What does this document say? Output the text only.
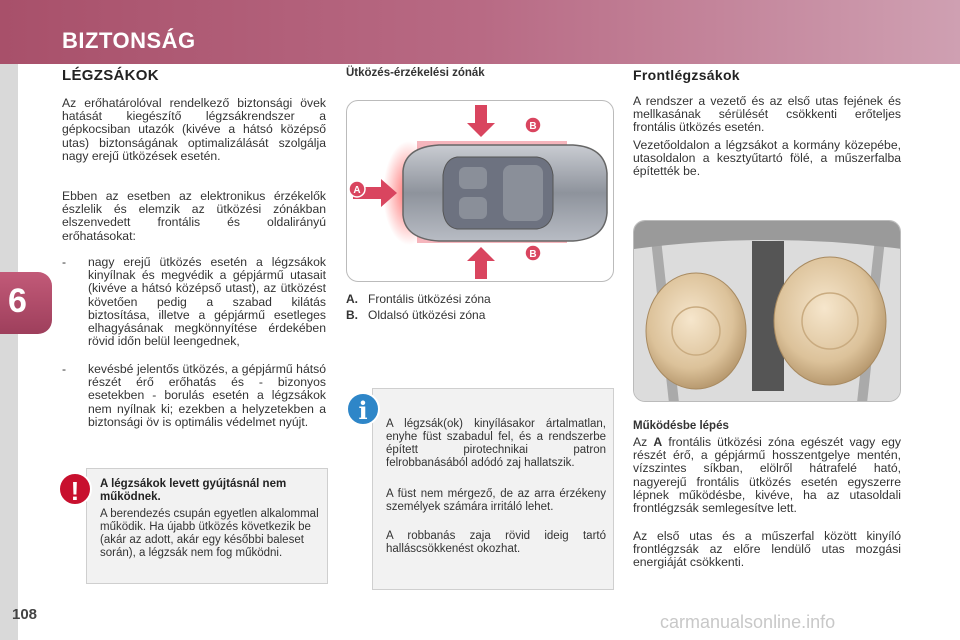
BIZTONSÁG
6
108
LÉGZSÁKOK
Az erőhatárolóval rendelkező biztonsági övek hatását kiegészítő légzsákrendszer a gépkocsiban utazók (kivéve a hátsó középső utas) biztonságának optimalizálását szolgálja nagy erejű ütközések esetén.
Ebben az esetben az elektronikus érzékelők észlelik és elemzik az ütközési zónákban elszenvedett frontális és oldalirányú erőhatásokat:
- nagy erejű ütközés esetén a légzsákok kinyílnak és megvédik a gépjármű utasait (kivéve a hátsó középső utast), az ütközést követően pedig a szabad kilátás biztosítása, illetve a gépjármű esetleges elhagyásának megkönnyítése érdekében rövid időn belül leengednek,
- kevésbé jelentős ütközés, a gépjármű hátsó részét érő erőhatás és - bizonyos esetekben - borulás esetén a légzsákok nem nyílnak ki; ezekben a helyzetekben a biztonsági öv is optimális védelmet nyújt.
!	A légzsákok levett gyújtásnál nem működnek.
A berendezés csupán egyetlen alkalommal működik. Ha újabb ütközés következik be (akár az adott, akár egy későbbi baleset során), a légzsák nem fog működni.
Ütközés-érzékelési zónák
A
B
B
A. Frontális ütközési zóna
B. Oldalsó ütközési zóna
i	A légzsák(ok) kinyílásakor ártalmatlan, enyhe füst szabadul fel, és a rendszerbe épített pirotechnikai patron felrobbanásából adódó zaj hallatszik.
A füst nem mérgező, de az arra érzékeny személyek számára irritáló lehet.
A robbanás zaja rövid ideig tartó halláscsökkenést okozhat.
Frontlégzsákok
A rendszer a vezető és az első utas fejének és mellkasának sérülését csökkenti erőteljes frontális ütközés esetén.
Vezetőoldalon a légzsákot a kormány közepébe, utasoldalon a kesztyűtartó fölé, a műszerfalba építették be.
Működésbe lépés
Az A frontális ütközési zóna egészét vagy egy részét érő, a gépjármű hosszentgelye mentén, vízszintes síkban, elölről hátrafelé ható, nagyerejű frontális ütközés esetén egyszerre lépnek működésbe, kivéve, ha az utasoldali frontlégzsák semlegesítve lett.
Az első utas és a műszerfal között kinyíló frontlégzsák az előre lendülő utas mozgási energiáját csökkenti.
carmanualsonline.info
